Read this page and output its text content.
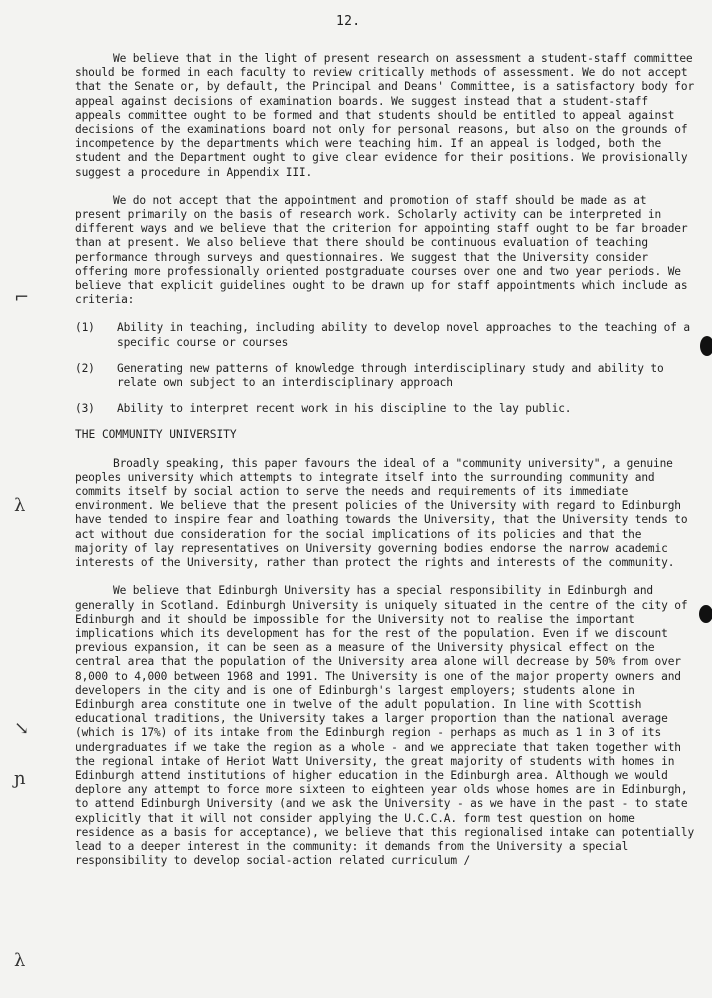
12.
⌐
λ
↘
ɲ
λ

We believe that in the light of present research on assessment a student-staff committee should be formed in each faculty to review critically methods of assessment. We do not accept that the Senate or, by default, the Principal and Deans' Committee, is a satisfactory body for appeal against decisions of examination boards. We suggest instead that a student-staff appeals committee ought to be formed and that students should be entitled to appeal against decisions of the examinations board not only for personal reasons, but also on the grounds of incompetence by the departments which were teaching him. If an appeal is lodged, both the student and the Department ought to give clear evidence for their positions. We provisionally suggest a procedure in Appendix III.

We do not accept that the appointment and promotion of staff should be made as at present primarily on the basis of research work. Scholarly activity can be interpreted in different ways and we believe that the criterion for appointing staff ought to be far broader than at present. We also believe that there should be continuous evaluation of teaching performance through surveys and questionnaires. We suggest that the University consider offering more professionally oriented postgraduate courses over one and two year periods. We believe that explicit guidelines ought to be drawn up for staff appointments which include as criteria:

(1)	Ability in teaching, including ability to develop novel approaches to the teaching of a specific course or courses
(2)	Generating new patterns of knowledge through interdisciplinary study and ability to relate own subject to an interdisciplinary approach
(3)	Ability to interpret recent work in his discipline to the lay public.
THE COMMUNITY UNIVERSITY

Broadly speaking, this paper favours the ideal of a "community university", a genuine peoples university which attempts to integrate itself into the surrounding community and commits itself by social action to serve the needs and requirements of its immediate environment. We believe that the present policies of the University with regard to Edinburgh have tended to inspire fear and loathing towards the University, that the University tends to act without due consideration for the social implications of its policies and that the majority of lay representatives on University governing bodies endorse the narrow academic interests of the University, rather than protect the rights and interests of the community.

We believe that Edinburgh University has a special responsibility in Edinburgh and generally in Scotland. Edinburgh University is uniquely situated in the centre of the city of Edinburgh and it should be impossible for the University not to realise the important implications which its development has for the rest of the population. Even if we discount previous expansion, it can be seen as a measure of the University physical effect on the central area that the population of the University area alone will decrease by 50% from over 8,000 to 4,000 between 1968 and 1991. The University is one of the major property owners and developers in the city and is one of Edinburgh's largest employers; students alone in Edinburgh area constitute one in twelve of the adult population. In line with Scottish educational traditions, the University takes a larger proportion than the national average (which is 17%) of its intake from the Edinburgh region - perhaps as much as 1 in 3 of its undergraduates if we take the region as a whole - and we appreciate that taken together with the regional intake of Heriot Watt University, the great majority of students with homes in Edinburgh attend institutions of higher education in the Edinburgh area. Although we would deplore any attempt to force more sixteen to eighteen year olds whose homes are in Edinburgh, to attend Edinburgh University (and we ask the University - as we have in the past - to state explicitly that it will not consider applying the U.C.C.A. form test question on home residence as a basis for acceptance), we believe that this regionalised intake can potentially lead to a deeper interest in the community: it demands from the University a special responsibility to develop social-action related curriculum /
